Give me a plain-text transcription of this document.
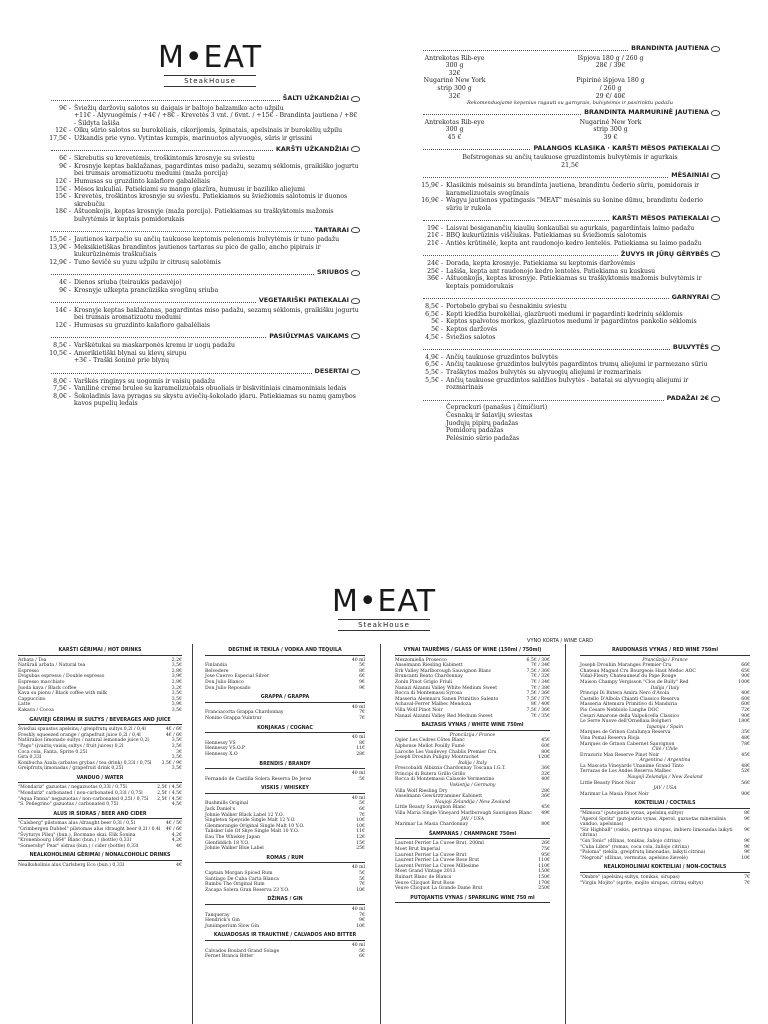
M•EAT
SteakHouse
ŠALTI UŽKANDŽIAI
9€ - Šviežių daržovių salotos su daigais ir baltojo balzamiko acto užpilu
+11€ - Alyvuogėmis / +4€ / +8€ - Krevetės 3 vnt. / 6vnt. / +15€ - Brandinta jautiena / +8€ - Šildyta lašiša
12€ - Olkų sūrio salotos su burokėliais, cikorijomis, špinatais, apelsinais ir burokėlių užpilu
17,5€ - Užkandis prie vyno. Vytintas kumpis, marinuotos alyvuogės, sūris ir grissini
KARŠTI UŽKANDŽIAI
6€ - Skrebutis su krevetėmis, troškintomis krosnyje su sviestu
9€ - Krosnyje keptas baklažanas, pagardintas miso padažu, sezamų sėklomis, graikiško jogurtu bei trumais aromatizuotu medumi (maža porcija)
12€ - Humusas su gruzdinto kalafioro gabalėliais
15€ - Mėsos kukuliai. Patiekiami su mango glazūra, humusu ir baziliko aliejumi
15€ - Krevetės, troškintos krosnyje su sviestu. Patiekiamos su šviežiomis salotomis ir duonos skrebučiu
18€ - Aštuonkojis, keptas krosnyje (maža porcija). Patiekiamas su traškyktomis mažomis bulvytėmis ir keptais pomidorukais
TARTARAI
15,5€ - Jautienos karpačio su ančių taukuose keptomis pelenomis bulvytėmis ir tuno padažu
13,9€ - Meksikietiškas brandintos jautienos tartaras su pico de gallo, ancho pipirais ir kukurūzinėmis traškučiais
12,9€ - Tuno ševičė su yuzu užpilu ir citrusų salotėmis
SRIUBOS
4€ - Dienos sriuba (teiraukis padavėjo)
9€ - Krosnyje užkepta prancūziška svogūnų sriuba
VEGETARIŠKI PATIEKALAI
14€ - Krosnyje keptas baklažanas, pagardintas miso padažu, sezamų sėklomis, graikišku jogurtu bei trumais aromatizuotu medumi
12€ - Humusas su gruzdinto kalafioro gabalėliais
PASIŪLYMAS VAIKAMS
8,5€ - Varškėtukai su maskarponės kremu ir uogų padažu
10,5€ - Amerikietiški blynai su klevų sirupu
+3€ - Traški šoninė prie blynų
DESERTAI
8,0€ - Varškės ringinys su uogomis ir vaisių padažu
7,5€ - Vanilinė creme brulee su karamelizuotais obuoliais ir biskvitiniais cinamoniniais ledais
8,0€ - Šokoladinis lava pyragas su skystu aviečių-šokolado įdaru. Patiekiamas su namų gamybos kavos pupelių ledais
BRANDINTA JAUTIENA
Antrekotas Rib-eye 300 g
32€
Išpjova 180 g / 260 g
28€ / 39€
Nugarinė New York strip 300 g
32€
Pipirinė išpjova 180 g / 260 g
29 €/ 40€
Rekomenduojame kepsnius ragauti su garnyrais, bulvytėmis ir pasirinktu padažu
BRANDINTA MARMURINĖ JAUTIENA
Antrekotas Rib-eye 300 g
45 €
Nugarinė New York strip 300 g
39 €
PALANGOS KLASIKA · KARŠTI MĖSOS PATIEKALAI
Befstrogenas su ančių taukuose gruzdintomis bulvytėmis ir agurkais
21,5€
MĖSAINIAI
15,9€ - Klasikinis mėsainis su brandinta jautiena, brandintu čederio sūriu, pomidorais ir karamelizuotais svogūnais
16,9€ - Wagyu jautienos ypatingasis "MEAT" mėsainis su šonine dūmu, brandintu čederio sūriu ir rukola
KARŠTI MĖSOS PATIEKALAI
19€ - Laisvai besiganančių kiaulių šonkauliai su agurkais, pagardintais laimo padažu
21€ - BBQ kukurūzinis viščiukas. Patiekiamas su šviežiomis salotomis
21€ - Antiės krūtinėlė, kepta ant raudonojo kedro lentelės. Patiekiama su laimo padažu
ŽUVYS IR JŪRŲ GĖRYBĖS
24€ - Dorada, kepta krosnyje. Patiekiama su keptomis daržovėmis
25€ - Lašiša, kepta ant raudonojo kedro lentelės. Patiekiama su kuskusu
36€ - Aštuonkojis, keptas krosnyje. Patiekiamas su traškyktomis mažomis bulvytėmis ir keptais pomidorukais
GARNYRAI
8,5€ - Portobelo grybai su česnakiniu sviestu
6,5€ - Kepti kiedžia burokėliai, glazūruoti medumi ir pagardinti kedrinių sėklomis
5€ - Keptos spalvotos morkos, glazūruotos medumi ir pagardintos pankolio sėklomis
5€ - Keptos daržovės
4,5€ - Šviežios salotos
BULVYTĖS
4,9€ - Ančių taukuose gruzdintos bulvytės
6,5€ - Ančių taukuose gruzdintos bulvytės pagardintos trumų aliejumi ir parmezano sūriu
5,5€ - Traškytos mažos bulvytės su alyvuogių aliejumi ir rozmarinais
5,5€ - Ančių taukuose gruzdintos saldžios bulvytės - batatai su alyvuogių aliejumi ir rozmarinais
PADAŽAI 2€
Čeprackuri (panašus į čimičiuri)
Česnakų ir šalavijų sviestas
Juodųjų pipirų padažas
Pomidorų padažas
Pelėsinio sūrio padažas
M•EAT
SteakHouse
VYNO KORTA / WINE CARD
KARŠTI GĖRIMAI / HOT DRINKS
Arbata / Tea	2,2€
Natūrali arbata / Natural tea	3,5€
Espresso	2,8€
Dvigubas espresso / Double espresso	3,9€
Espresso macchiato	2,9€
Juoda kava / Black coffee	3,2€
Kava su pienu / Black coffee with milk	3,5€
Cappuccino	3,5€
Latte	3,9€
Kakava / Cocoa	3,5€
GAIVIEJI GĖRIMAI IR SULTYS / BEVERAGES AND JUICE
Šviežiai spaustos apelsinų / greipfrutų sultys 0,2l / 0,4l	4€ / 6€
Freshly squeezed orange / grapefruit juice 0,2l / 0,4l	4€ / 6€
Natūralios limonado sultys / natural lemonade juice 0,2l	3,5€
"Pago" (įvairių vaisių sultys / fruit juices) 0,2l	3,5€
Coca cola, Fanta, Sprite 0,25l	3€
Gira 0,33l	3,5€
Kombucha Azala (arbatos grybas / tea drink) 0,33l / 0,75l 3,5€ / 9€
Greipfrutų limonadas / grapefruit drink 0,25l	3,5€
VANDUO / WATER
"Mondariz" gazuotas / negazuotas 0,33l / 0,75l	2,5€ / 4,5€
"Mondariz" carbonated / non-carbonated 0,33l / 0,75l	2,5€ / 4,5€
"Aqua Panna" negazuotas / non-carbonated 0,25l / 0,75l 2,5€ / 4,5€
"S. Pellegrino" gazuotas / carbonated 0,75l	4,5€
ALUS IR SIDRAS / BEER AND CIDER
"Calsberg" pilstomas alus /draught beer 0,3l / 0,5l	4€ / 5€
"Grimbergen Dubbel" pilstomas alus /draught beer 0,2l / 0,4l 4€ / 6€
"Švyturys Pilsų" (bun.), Bocmano skai. Elik Šonina	4,2€
"Kronenbourg 1664" Blanc (bun.) / (bottle) 0,33l	4,2€
"Somersby" Pear" sidras (bun.) / cider (bottle) 0,33l	4€
NEALKOHOLINIAI GĖRIMAI / NONALCOHOLIC DRINKS
Nealkoholinis alus Carlsberg Eco (bun.) 0,33l	4€
DEGTINĖ IR TEKILA / VODKA AND TEQUILA
40 ml
Finlandia	5€
Belvedere	8€
Jose Cuervo Especial Silver	6€
Don Julio Blanco	9€
Don Julio Reposado	9€
GRAPPA / GRAPPA
40 ml
Franciacorta Grappa Chardonnay	7€
Nonino Grappa Vuintrur	7€
KONJAKAS / COGNAC
40 ml
Hennessy VS	8€
Hennessy VS.O.P	11€
Hennessy X.O	28€
BRENDIS / BRANDY
40 ml
Fernando de Castilla Solera Reserva De Jerez	5€
VISKIS / WHISKEY
40 ml
Bushmills Original	5€
Jack Daniel's	6€
Johnie Walker Black Label 12 Y.O.	7€
Singleton Speyside Single Malt 12 Y.O.	10€
Glenmorangie Original Single Malt 10 Y.O.	10€
Talisker Isle Of Skye Single Malt 10 Y.O.	11€
Eau The Whiskey Japan	12€
Glenfiddich 18 Y.O.	15€
Johnie Walker Blue Label	25€
ROMAS / RUM
40 ml
Captain Morgan Spiced Rum	5€
Santiago De Cuba Carta Blanca	5€
Rumbu The Original Rum	7€
Zacapa Solera Gran Reserva 23 Y.O.	10€
DŽINAS / GIN
40 ml
Tanqueray	7€
Hendrick's Gin	9€
Juniimperium Slow Gin	10€
KALVADOSAS IR TRAUKTINĖ / CALVADOS AND BITTER
40 ml
Calvados Boulard Grand Solage	5€
Fernet Branca Bitter	6€
VYNAI TAURĖMIS / GLASS OF WINE (150ml / 750ml)
Mezzomiella Prosecco	6,5€ / 30€
Anselmann Riesling Kabinett	7€ / 34€
Erk Valley Marlborough Sauvignon Blanc	7,5€ / 36€
Bruncanti Beato Chardonnay	7€ / 32€
Zonin Pinot Grigio Friuli	7€ / 34€
Nanazi Alzanni Valley White Medium Sweet	7€ / 38€
Rocca di Montemassi Syrosa	7,5€ / 36€
Masseria Alemnaru Sanen Primitivo Salento	7,5€ / 37€
Achaval-Ferrer Malbec Mendoza	8€ / 40€
Villa Wolf Pinot Noir	7,5€ / 36€
Nanazi Alzanni Valley Red Medium Sweet	7€ / 35€
BALTASIS VYNAS / WHITE WINE 750ml
Prancūzija / France
Ogier Les Cedres Côtes Blanc	45€
Alphonse Mellot Pouilly Fumé	60€
Laroche Les Vaudevey Chablis Premier Cru	80€
Joseph Drouhin Puligny Montrachet	120€
Italija / Italy
Frescobaldi Albizzia Chardonnay Toscana I.G.T.	36€
Principi di Butera Grillo Grillo	32€
Rocca di Montemassi Calasole Vermentino	40€
Vokietija / Germany
Villa Wolf Riesling Dry	28€
Anselmann Gewürztraminer Kabinett	36€
Naujoji Zelandija / New Zealand
Little Beauty Sauvignon Blanc	45€
Villa Maria Single Vineyard Marlborough Sauvignon Blanc 49€
JAV / USA
Marimar La Masia Chardonnay	80€
ŠAMPANAS / CHAMPAGNE 750ml
Laurent Perrier La Cuvee Brut, 200ml	26€
Moet Brut Imperial	75€
Laurent Perrier La Cuvee Brut	95€
Laurent Perrier La Cuvee Rose Brut	110€
Laurent Perrier La Cuvee Millesime	110€
Moet Grand Vintage 2013	150€
Ruinart Blanc de Blancs	150€
Veuve Clicquot Brut Rose	170€
Veuve Clicquot La Grande Dame Brut	250€
PUTOJANTIS VYNAS / SPARKLING WINE 750 ml
RAUDONASIS VYNAS / RED WINE 750ml
Prancūzija / France
Joseph Drouhin Maranges Premier Cru	66€
Chateau Magnol Cru Bourgeois Haut Medoc AOC	65€
Vidal-Fleury Chateauneuf du Pape Rouge	90€
Maison Champy Vergisson "Clos de Bully" Red	100€
Italija / Italy
Principi Di Butera Amira Nero d'Avola	40€
Castello D'Albola Chianti Classico Reserva	60€
Masseria Altemura Primitivo di Manduria	60€
Pio Cesare Nebbiolo Langhe DOC	72€
Cesari Amarone della Valpolicella Classico	90€
Le Serre Nuove dell'Ornellaia Bolgheri	180€
Ispanija / Spain
Marques de Grinon Catalunya Reserva	35€
Vina Pomal Reserva Rioja	48€
Marques de Grinon Cabernet Sauvignon	78€
Čilė / Chile
Errazuriz Max Reserve Pinot Noir	45€
Argentina / Argentina
La Mascota Vineyards Unanime Grand Tinto	48€
Terrazas de Los Andes Reserva Malbec	52€
Naujoji Zelandija / New Zealand
Little Beauty Pinot Noir	56€
JAV / USA
Marimar La Masia Pinot Noir	90€
KOKTEILIAI / COCTAILS
"Mimoza" (putojantis vynas, apelsinų sultys)	8€
"Aperol Spritz" (putojantis vynas, Aperol, gazuotas mineralinis vanduo, apelsinas)
9€
"Sir Highball" (viskis, pertrupa sirupas, imbiero limonadas laikyti citrina)
9€
"Gin Tonic" (džinas, tonikas, žaliojo citrina)	9€
"Cuba Libre" (romas, coca cola, žaliojo citrina)	9€
"Paloma" (tekila, greipfrutų limonadas, laikyti citrina)	9€
"Negroni" (džinas, vermutas, apelsino žievelė)	10€
NEALKOHOLINIAI KOKTEILIAI / NON-COCTAILS
"Ombre" (apelsinų sultys, tonikas, sirupas)	7€
"Virgin Mojito" (sprite, mojito sirupas, citrinų sultys)	7€
